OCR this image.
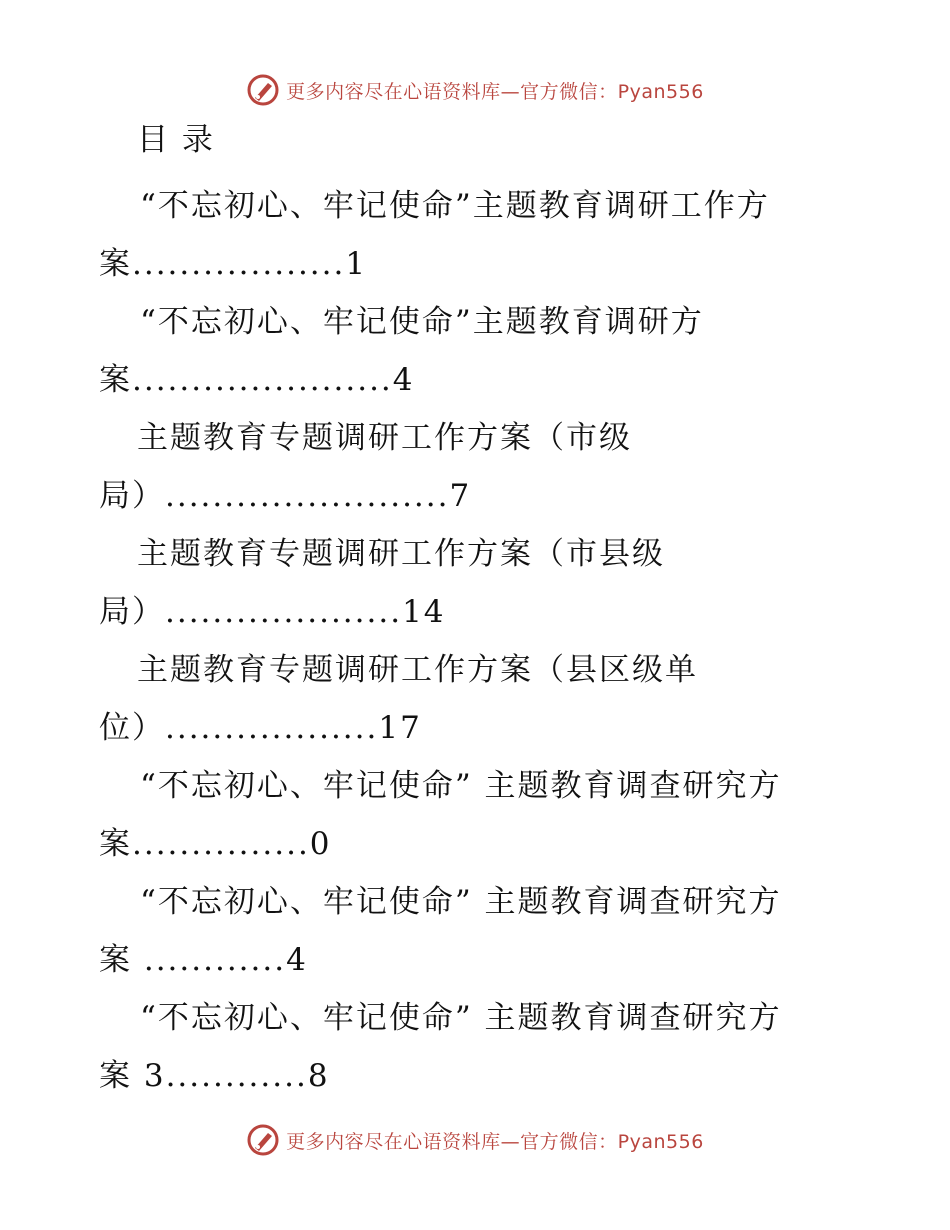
更多内容尽在心语资料库—官方微信：Pyan556
目 录
“不忘初心、牢记使命”主题教育调研工作方
案..................1
“不忘初心、牢记使命”主题教育调研方
案......................4
主题教育专题调研工作方案（市级
局）........................7
主题教育专题调研工作方案（市县级
局）....................14
主题教育专题调研工作方案（县区级单
位）..................17
“不忘初心、牢记使命” 主题教育调查研究方
案...............0
“不忘初心、牢记使命” 主题教育调查研究方
案 ............4
“不忘初心、牢记使命” 主题教育调查研究方
案 3............8
更多内容尽在心语资料库—官方微信：Pyan556
